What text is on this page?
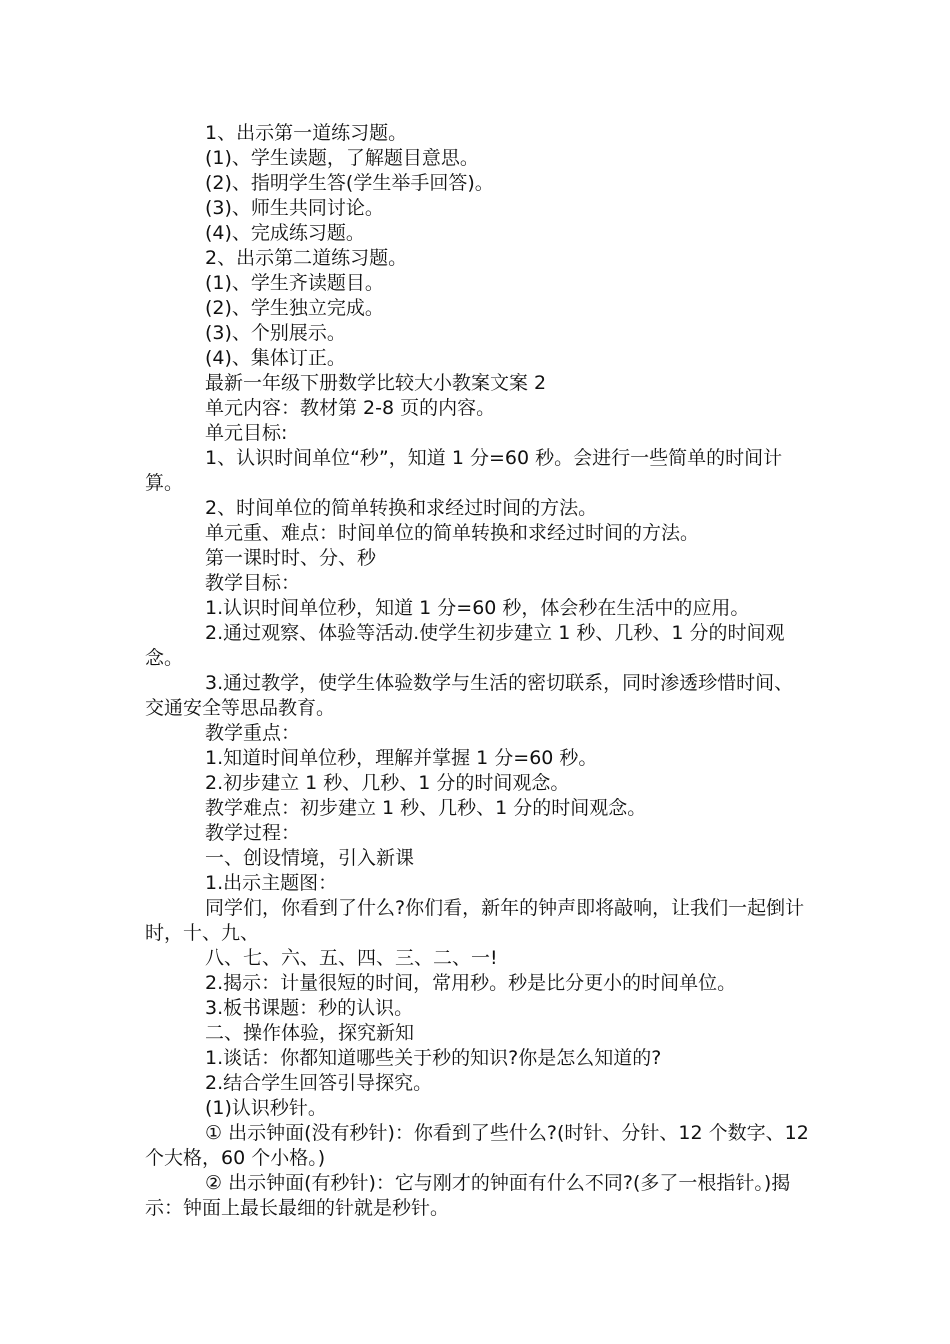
1、出示第一道练习题。

(1)、学生读题，了解题目意思。

(2)、指明学生答(学生举手回答)。

(3)、师生共同讨论。

(4)、完成练习题。

2、出示第二道练习题。

(1)、学生齐读题目。

(2)、学生独立完成。

(3)、个别展示。

(4)、集体订正。

最新一年级下册数学比较大小教案文案 2

单元内容：教材第 2-8 页的内容。

单元目标:

1、认识时间单位“秒”，知道 1 分=60 秒。会进行一些简单的时间计算。

2、时间单位的简单转换和求经过时间的方法。

单元重、难点：时间单位的简单转换和求经过时间的方法。

第一课时时、分、秒

教学目标：

1.认识时间单位秒，知道 1 分=60 秒，体会秒在生活中的应用。

2.通过观察、体验等活动.使学生初步建立 1 秒、几秒、1 分的时间观念。

3.通过教学，使学生体验数学与生活的密切联系，同时渗透珍惜时间、交通安全等思品教育。

教学重点：

1.知道时间单位秒，理解并掌握 1 分=60 秒。

2.初步建立 1 秒、几秒、1 分的时间观念。

教学难点：初步建立 1 秒、几秒、1 分的时间观念。

教学过程：

一、创设情境，引入新课

1.出示主题图：

同学们，你看到了什么?你们看，新年的钟声即将敲响，让我们一起倒计时，十、九、

八、七、六、五、四、三、二、一!

2.揭示：计量很短的时间，常用秒。秒是比分更小的时间单位。

3.板书课题：秒的认识。

二、操作体验，探究新知

1.谈话：你都知道哪些关于秒的知识?你是怎么知道的?

2.结合学生回答引导探究。

(1)认识秒针。

① 出示钟面(没有秒针)：你看到了些什么?(时针、分针、12 个数字、12 个大格，60 个小格。)

② 出示钟面(有秒针)：它与刚才的钟面有什么不同?(多了一根指针。)揭示：钟面上最长最细的针就是秒针。
